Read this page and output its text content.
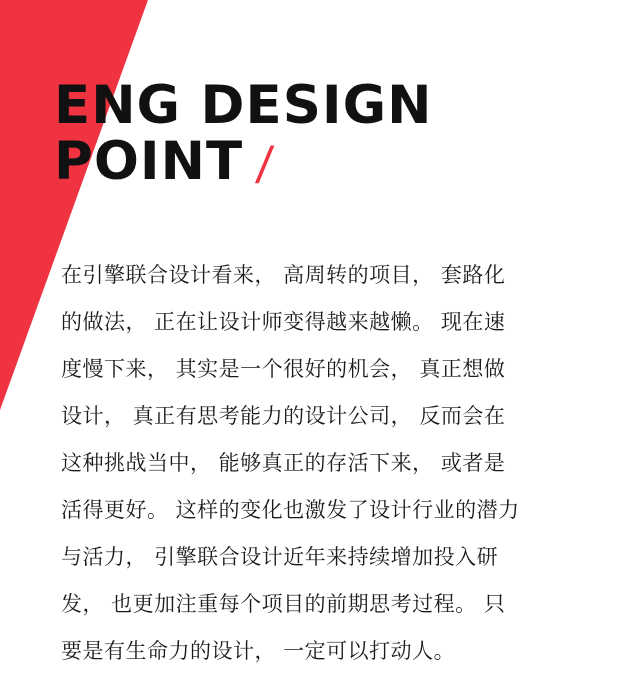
ENG DESIGN
POINT /

在引擎联合设计看来， 高周转的项目， 套路化
的做法， 正在让设计师变得越来越懒。 现在速
度慢下来， 其实是一个很好的机会， 真正想做
设计， 真正有思考能力的设计公司， 反而会在
这种挑战当中， 能够真正的存活下来， 或者是
活得更好。 这样的变化也激发了设计行业的潜力
与活力， 引擎联合设计近年来持续增加投入研
发， 也更加注重每个项目的前期思考过程。 只
要是有生命力的设计， 一定可以打动人。
